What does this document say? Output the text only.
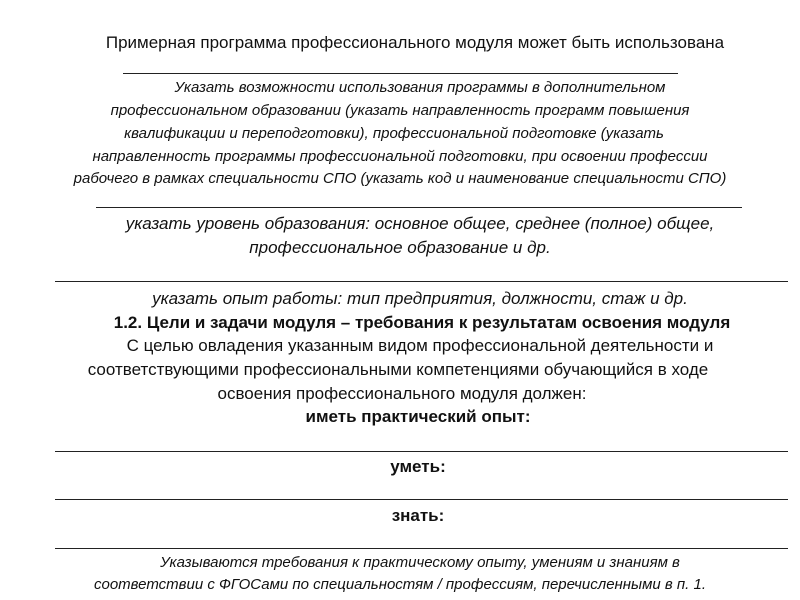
Примерная программа профессионального модуля может быть использована
Указать возможности использования программы в дополнительном
профессиональном образовании (указать направленность программ повышения
квалификации и переподготовки), профессиональной подготовке (указать
направленность программы профессиональной подготовки, при освоении профессии
рабочего в рамках специальности СПО (указать код и наименование специальности СПО)
указать уровень образования: основное общее, среднее (полное) общее,
профессиональное образование и др.
указать опыт работы: тип предприятия, должности, стаж и др.
1.2. Цели и задачи модуля – требования к результатам освоения модуля
С целью овладения указанным видом профессиональной деятельности и
соответствующими профессиональными компетенциями обучающийся в ходе
освоения профессионального модуля должен:
иметь практический опыт:
уметь:
знать:
Указываются требования к практическому опыту, умениям и знаниям в
соответствии с ФГОСами по специальностям / профессиям, перечисленными в п. 1.
